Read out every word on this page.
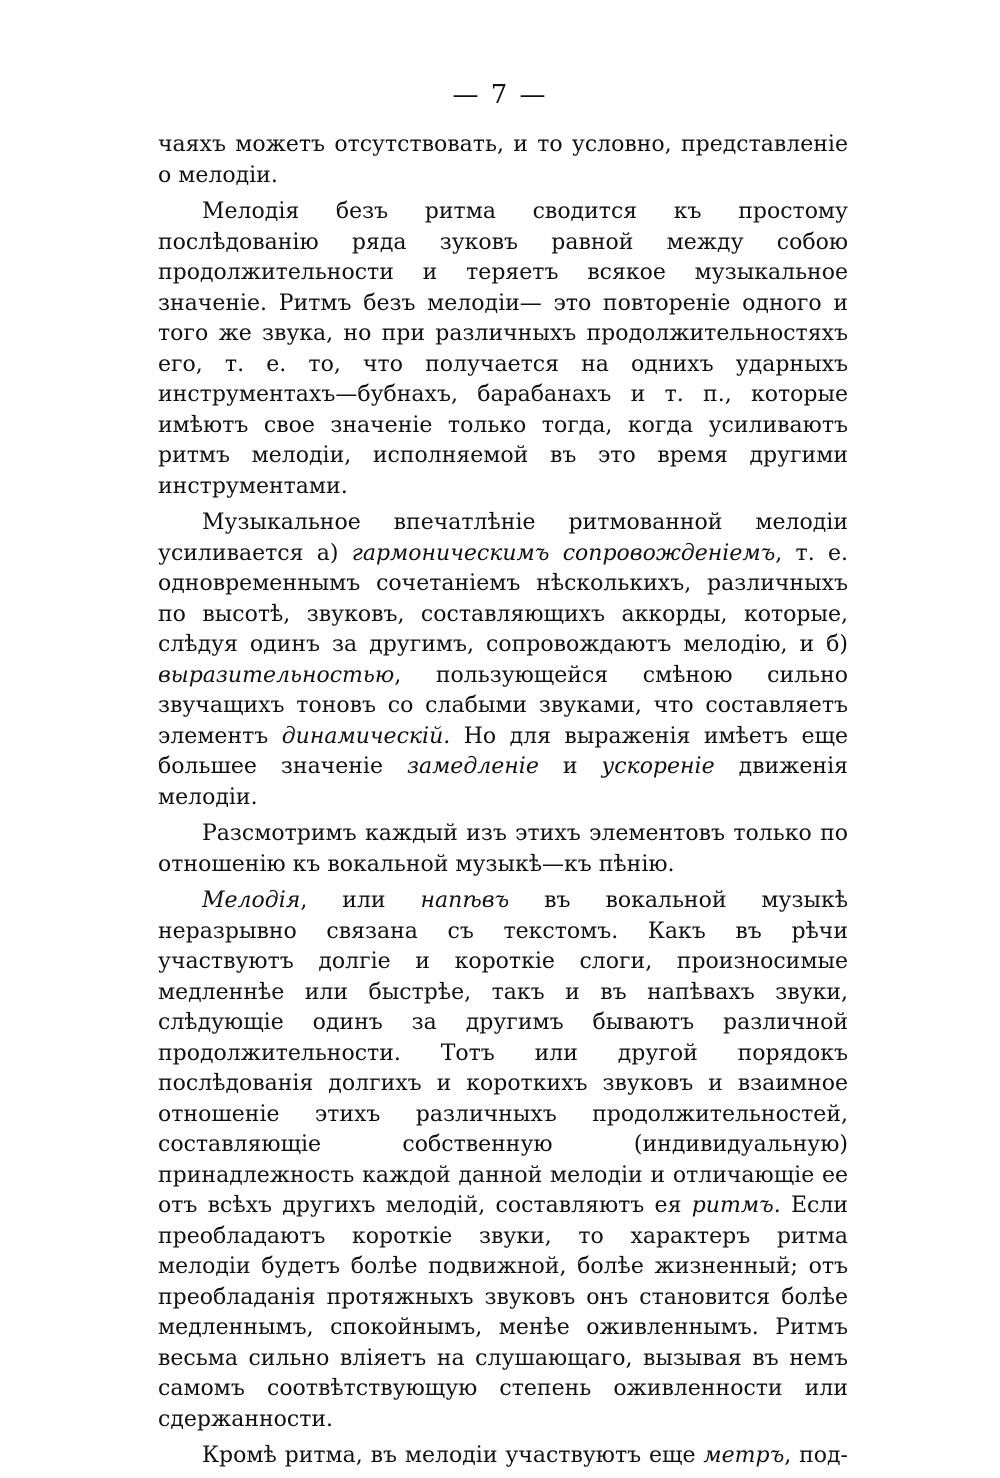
— 7 —

чаяхъ можетъ отсутствовать, и то условно, представленіе о мелодіи.

Мелодія безъ ритма сводится къ простому послѣдованію ряда зуковъ равной между собою продолжительности и теряетъ всякое музыкальное значеніе. Ритмъ безъ мелодіи— это повтореніе одного и того же звука, но при различныхъ продолжительностяхъ его, т. е. то, что получается на однихъ ударныхъ инструментахъ—бубнахъ, барабанахъ и т. п., которые имѣютъ свое значеніе только тогда, когда усиливаютъ ритмъ мелодіи, исполняемой въ это время другими инструментами.

Музыкальное впечатлѣніе ритмованной мелодіи усиливается а) гармоническимъ сопровожденіемъ, т. е. одновременнымъ сочетаніемъ нѣсколькихъ, различныхъ по высотѣ, звуковъ, составляющихъ аккорды, которые, слѣдуя одинъ за другимъ, сопровождаютъ мелодію, и б) выразительностью, пользующейся смѣною сильно звучащихъ тоновъ со слабыми звуками, что составляетъ элементъ динамическій. Но для выраженія имѣетъ еще большее значеніе замедленіе и ускореніе движенія мелодіи.

Разсмотримъ каждый изъ этихъ элементовъ только по отношенію къ вокальной музыкѣ—къ пѣнію.

Мелодія, или напѣвъ въ вокальной музыкѣ неразрывно связана съ текстомъ. Какъ въ рѣчи участвуютъ долгіе и короткіе слоги, произносимые медленнѣе или быстрѣе, такъ и въ напѣвахъ звуки, слѣдующіе одинъ за другимъ бываютъ различной продолжительности. Тотъ или другой порядокъ послѣдованія долгихъ и короткихъ звуковъ и взаимное отношеніе этихъ различныхъ продолжительностей, составляющіе собственную (индивидуальную) принадлежность каждой данной мелодіи и отличающіе ее отъ всѣхъ другихъ мелодій, составляютъ ея ритмъ. Если преобладаютъ короткіе звуки, то характеръ ритма мелодіи будетъ болѣе подвижной, болѣе жизненный; отъ преобладанія протяжныхъ звуковъ онъ становится болѣе медленнымъ, спокойнымъ, менѣе оживленнымъ. Ритмъ весьма сильно вліяетъ на слушающаго, вызывая въ немъ самомъ соотвѣтствующую степень оживленности или сдержанности.

Кромѣ ритма, въ мелодіи участвуютъ еще метръ, под-
